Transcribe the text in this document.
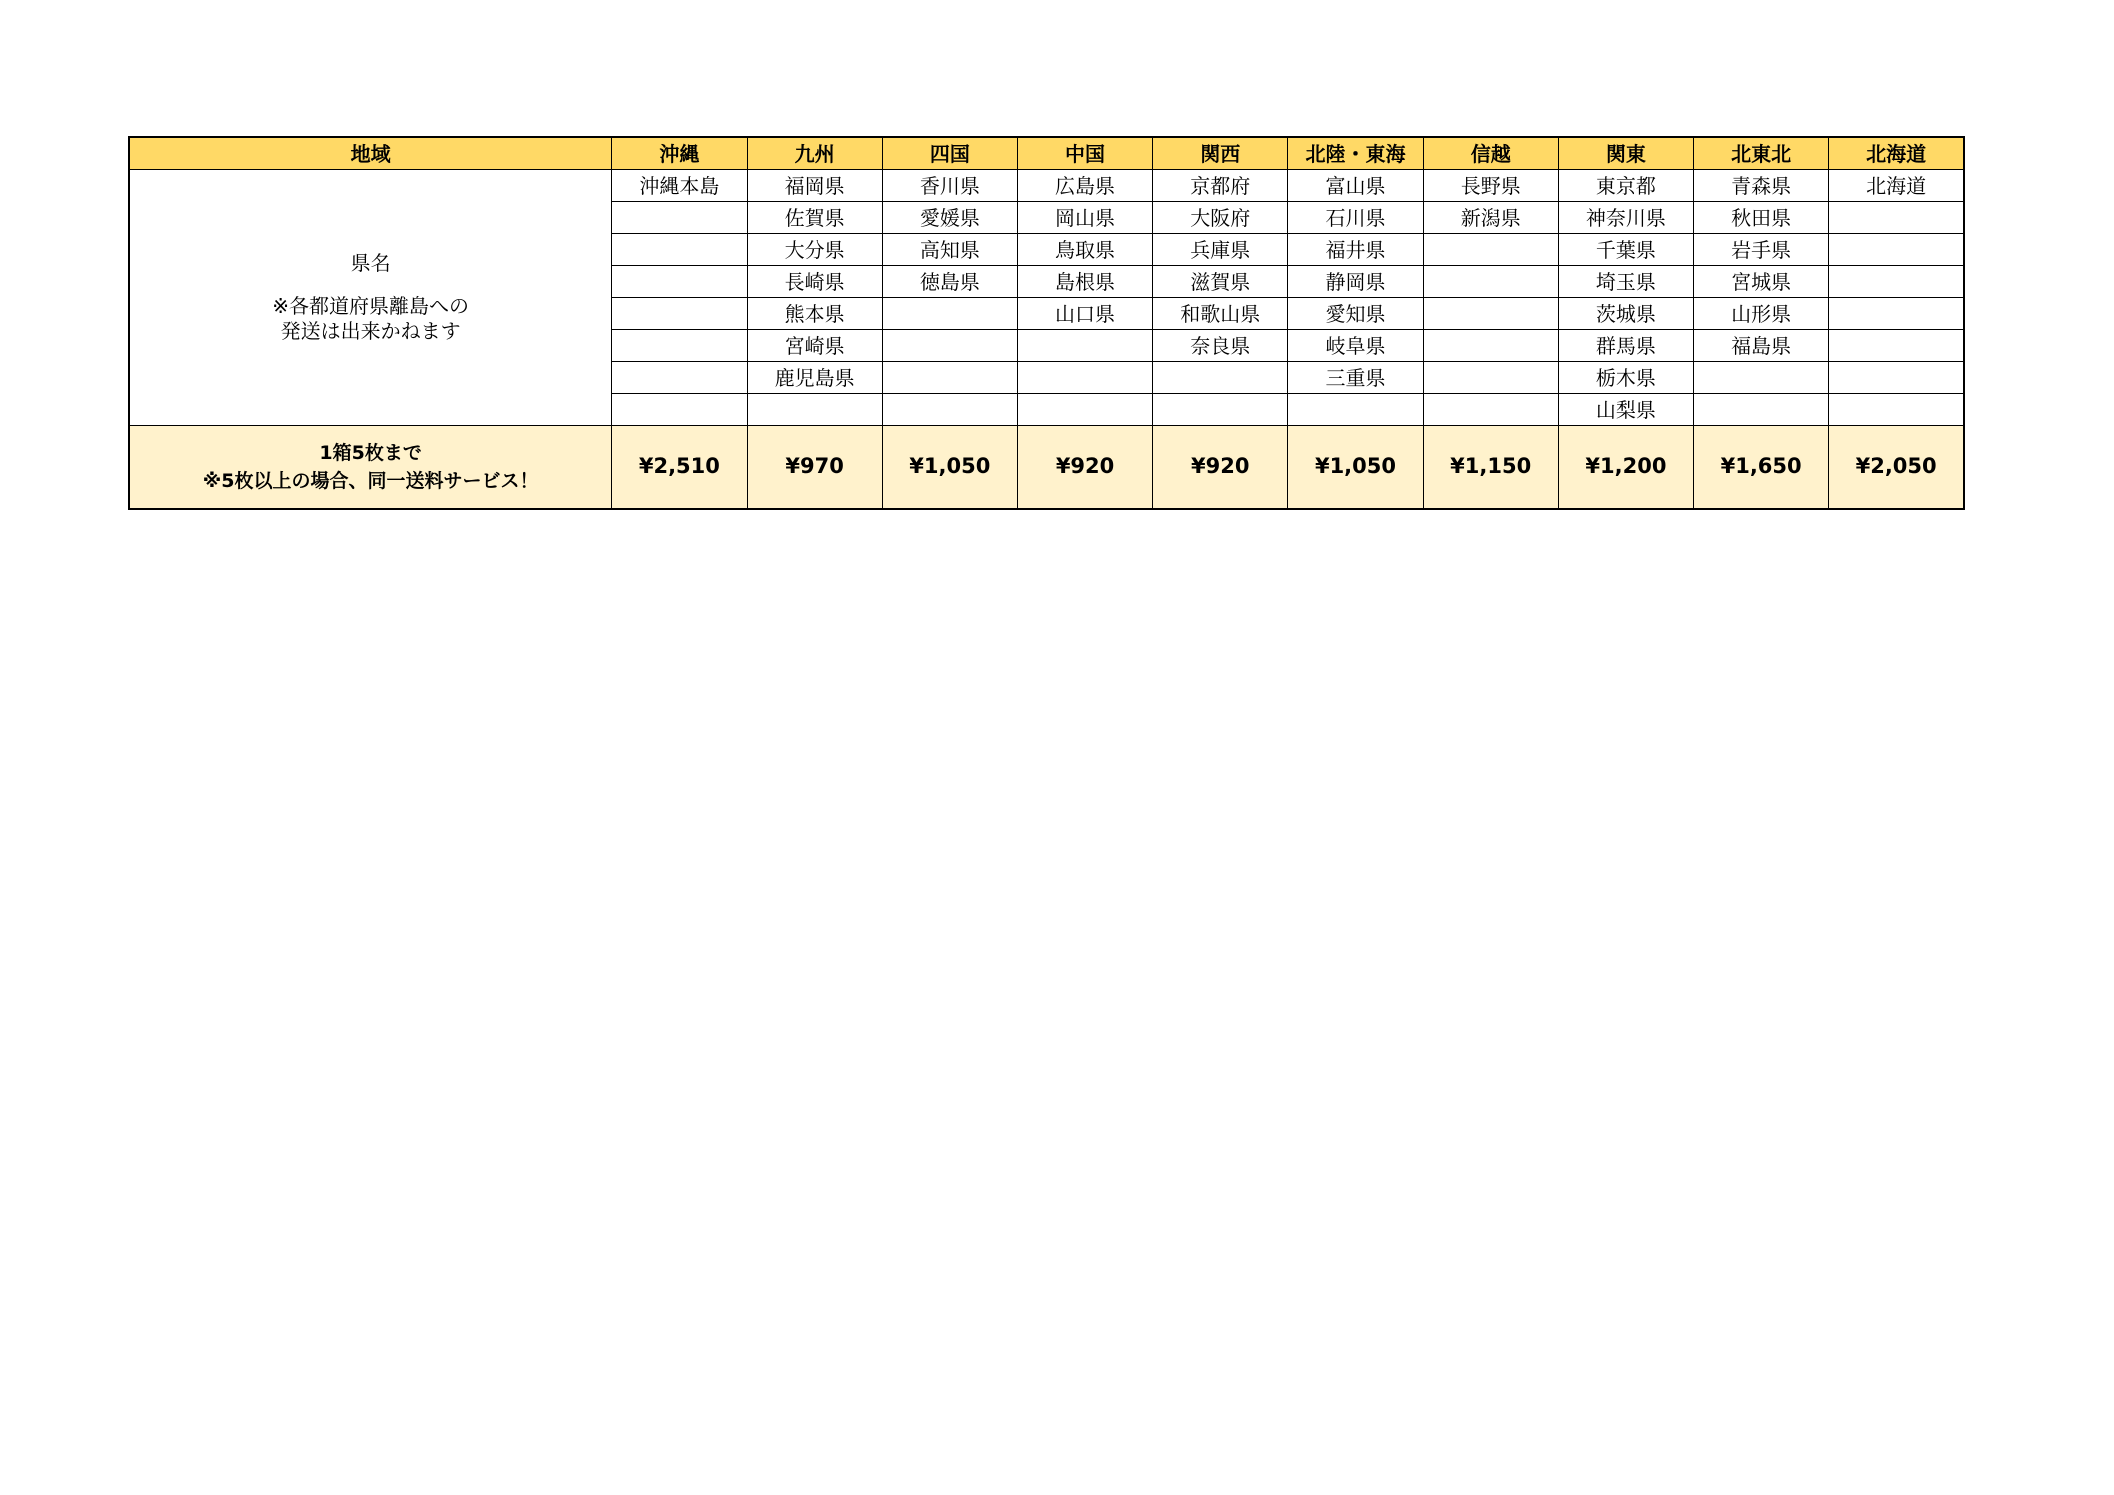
地域	沖縄	九州	四国	中国	関西	北陸・東海	信越	関東	北東北	北海道
県名
※各都道府県離島への
発送は出来かねます	沖縄本島	福岡県	香川県	広島県	京都府	富山県	長野県	東京都	青森県	北海道
		佐賀県	愛媛県	岡山県	大阪府	石川県	新潟県	神奈川県	秋田県	
		大分県	高知県	鳥取県	兵庫県	福井県		千葉県	岩手県	
		長崎県	徳島県	島根県	滋賀県	静岡県		埼玉県	宮城県	
		熊本県		山口県	和歌山県	愛知県		茨城県	山形県	
		宮崎県			奈良県	岐阜県		群馬県	福島県	
		鹿児島県				三重県		栃木県		
								山梨県		
1箱5枚まで
※5枚以上の場合、同一送料サービス！	¥2,510	¥970	¥1,050	¥920	¥920	¥1,050	¥1,150	¥1,200	¥1,650	¥2,050
